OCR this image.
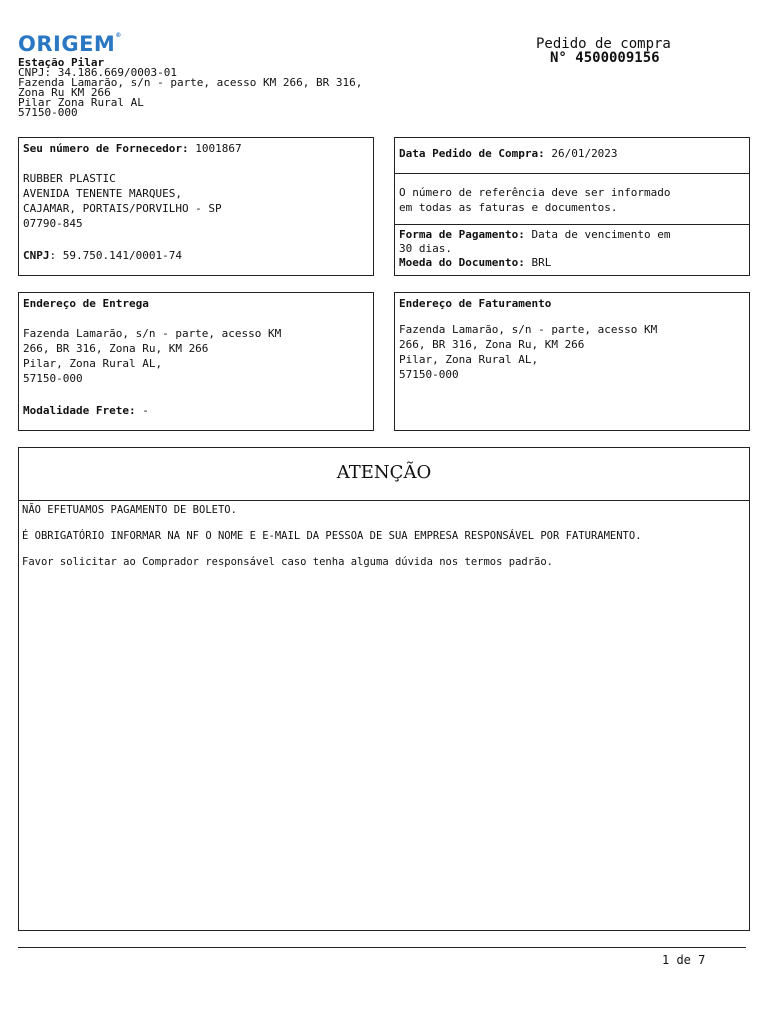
ORIGEM®
Pedido de compra
N° 4500009156
Estação Pilar
CNPJ: 34.186.669/0003-01
Fazenda Lamarão, s/n - parte, acesso KM 266, BR 316,
Zona Ru KM 266
Pilar Zona Rural AL
57150-000
Seu número de Fornecedor: 1001867
RUBBER PLASTIC
AVENIDA TENENTE MARQUES,
CAJAMAR, PORTAIS/PORVILHO - SP
07790-845
CNPJ: 59.750.141/0001-74
Data Pedido de Compra: 26/01/2023
O número de referência deve ser informado
em todas as faturas e documentos.
Forma de Pagamento: Data de vencimento em
30 dias.
Moeda do Documento: BRL
Endereço de Entrega
Fazenda Lamarão, s/n - parte, acesso KM
266, BR 316, Zona Ru, KM 266
Pilar, Zona Rural AL,
57150-000
Modalidade Frete: -
Endereço de Faturamento
Fazenda Lamarão, s/n - parte, acesso KM
266, BR 316, Zona Ru, KM 266
Pilar, Zona Rural AL,
57150-000
ATENÇÃO
NÃO EFETUAMOS PAGAMENTO DE BOLETO.
É OBRIGATÓRIO INFORMAR NA NF O NOME E E-MAIL DA PESSOA DE SUA EMPRESA RESPONSÁVEL POR FATURAMENTO.
Favor solicitar ao Comprador responsável caso tenha alguma dúvida nos termos padrão.
1 de 7
